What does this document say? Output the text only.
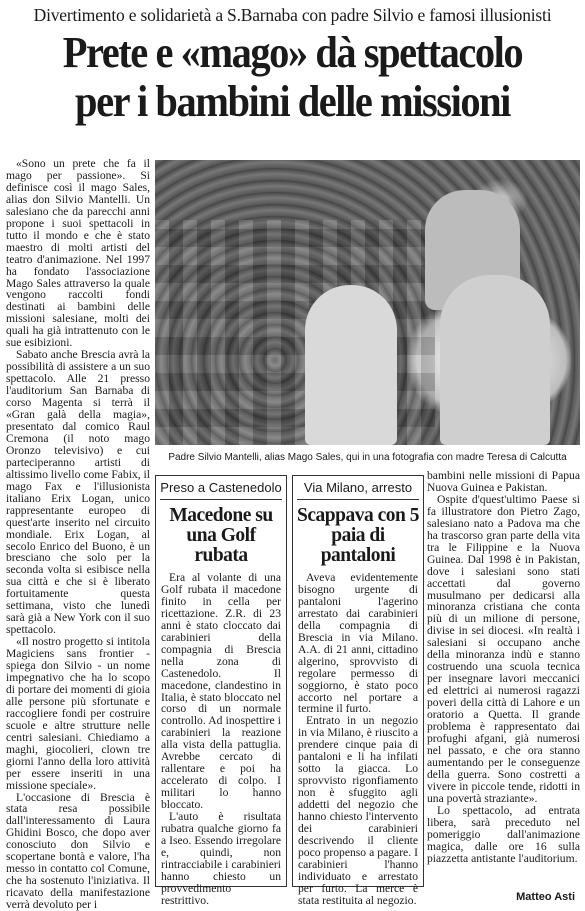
Divertimento e solidarietà a S.Barnaba con padre Silvio e famosi illusionisti
Prete e «mago» dà spettacolo
per i bambini delle missioni

«Sono un prete che fa il mago per passione». Si definisce così il mago Sales, alias don Silvio Mantelli. Un salesiano che da parecchi anni propone i suoi spettacoli in tutto il mondo e che è stato maestro di molti artisti del teatro d'animazione. Nel 1997 ha fondato l'associazione Mago Sales attraverso la quale vengono raccolti fondi destinati ai bambini delle missioni salesiane, molti dei quali ha già intrattenuto con le sue esibizioni.

Sabato anche Brescia avrà la possibilità di assistere a un suo spettacolo. Alle 21 presso l'auditorium San Barnaba di corso Magenta si terrà il «Gran galà della magia», presentato dal comico Raul Cremona (il noto mago Oronzo televisivo) e cui parteciperanno artisti di altissimo livello come Fabix, il mago Fax e l'illusionista italiano Erix Logan, unico rappresentante europeo di quest'arte inserito nel circuito mondiale. Erix Logan, al secolo Enrico del Buono, è un bresciano che solo per la seconda volta si esibisce nella sua città e che si è liberato fortuitamente questa settimana, visto che lunedì sarà già a New York con il suo spettacolo.

«Il nostro progetto si intitola Magiciens sans frontier - spiega don Silvio - un nome impegnativo che ha lo scopo di portare dei momenti di gioia alle persone più sfortunate e raccogliere fondi per costruire scuole e altre strutture nelle centri salesiani. Chiediamo a maghi, giocolieri, clown tre giorni l'anno della loro attività per essere inseriti in una missione speciale».

L'occasione di Brescia è stata resa possibile dall'interessamento di Laura Ghidini Bosco, che dopo aver conosciuto don Silvio e scopertane bontà e valore, l'ha messo in contatto col Comune, che ha sostenuto l'iniziativa. Il ricavato della manifestazione verrà devoluto per i

Padre Silvio Mantelli, alias Mago Sales, qui in una fotografia con madre Teresa di Calcutta
Preso a Castenedolo
Macedone su una Golf rubata

Era al volante di una Golf rubata il macedone finito in cella per ricettazione. Z.R. di 23 anni è stato cloccato dai carabinieri della compagnia di Brescia nella zona di Castenedolo. Il macedone, clandestino in Italia, è stato bloccato nel corso di un normale controllo. Ad inospettire i carabinieri la reazione alla vista della pattuglia. Avrebbe cercato di rallentare e poi ha accelerato di colpo. I militari lo hanno bloccato.

L'auto è risultata rubatra qualche giorno fa a Iseo. Essendo irregolare e, quindi, non rintracciabile i carabinieri hanno chiesto un provvedimento restrittivo.

Via Milano, arresto
Scappava con 5 paia di pantaloni

Aveva evidentemente bisogno urgente di pantaloni l'agerino arrestato dai carabinieri della compagnia di Brescia in via Milano. A.A. di 21 anni, cittadino algerino, sprovvisto di regolare permesso di soggiorno, è stato poco accorto nel portare a termine il furto.

Entrato in un negozio in via Milano, è riuscito a prendere cinque paia di pantaloni e li ha infilati sotto la giacca. Lo sprovvisto rigonfiamento non è sfuggito agli addetti del negozio che hanno chiesto l'intervento dei carabinieri descrivendo il cliente poco propenso a pagare. I carabinieri l'hanno individuato e arrestato per furto. La merce è stata restituita al negozio.

bambini nelle missioni di Papua Nuova Guinea e Pakistan.

Ospite d'quest'ultimo Paese si fa illustratore don Pietro Zago, salesiano nato a Padova ma che ha trascorso gran parte della vita tra le Filippine e la Nuova Guinea. Dal 1998 è in Pakistan, dove i salesiani sono stati accettati dal governo musulmano per dedicarsi alla minoranza cristiana che conta più di un milione di persone, divise in sei diocesi. «In realtà i salesiani si occupano anche della minoranza indù e stanno costruendo una scuola tecnica per insegnare lavori meccanici ed elettrici ai numerosi ragazzi poveri della città di Lahore e un oratorio a Quetta. Il grande problema è rappresentato dai profughi afgani, già numerosi nel passato, e che ora stanno aumentando per le conseguenze della guerra. Sono costretti a vivere in piccole tende, ridotti in una povertà straziante».

Lo spettacolo, ad entrata libera, sarà preceduto nel pomeriggio dall'animazione magica, dalle ore 16 sulla piazzetta antistante l'auditorium.

Matteo Asti
